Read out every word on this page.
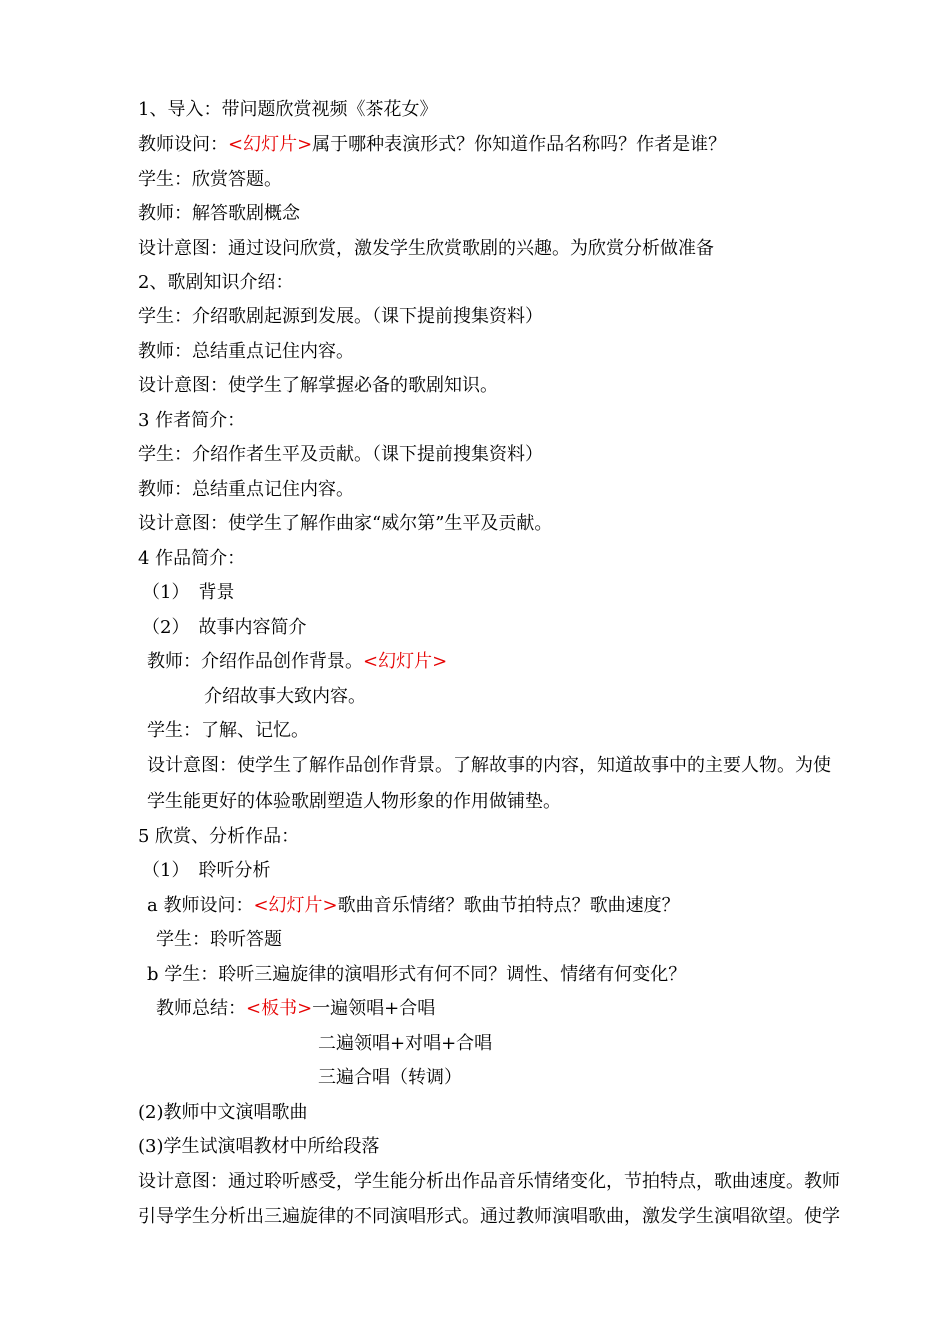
1、导入：带问题欣赏视频《茶花女》
教师设问：<幻灯片>属于哪种表演形式？你知道作品名称吗？作者是谁？
学生：欣赏答题。
教师：解答歌剧概念
设计意图：通过设问欣赏，激发学生欣赏歌剧的兴趣。为欣赏分析做准备
2、歌剧知识介绍：
学生：介绍歌剧起源到发展。（课下提前搜集资料）
教师：总结重点记住内容。
设计意图：使学生了解掌握必备的歌剧知识。
3 作者简介：
学生：介绍作者生平及贡献。（课下提前搜集资料）
教师：总结重点记住内容。
设计意图：使学生了解作曲家“威尔第”生平及贡献。
4 作品简介：
（1）　背景
（2）　故事内容简介
教师：介绍作品创作背景。<幻灯片>
介绍故事大致内容。
学生：了解、记忆。
设计意图：使学生了解作品创作背景。了解故事的内容，知道故事中的主要人物。为使
学生能更好的体验歌剧塑造人物形象的作用做铺垫。
5 欣赏、分析作品：
（1）　聆听分析
a 教师设问：<幻灯片>歌曲音乐情绪？歌曲节拍特点？歌曲速度？
学生：聆听答题
b 学生：聆听三遍旋律的演唱形式有何不同？调性、情绪有何变化？
教师总结：<板书>一遍领唱+合唱
二遍领唱+对唱+合唱
三遍合唱（转调）
(2)教师中文演唱歌曲
(3)学生试演唱教材中所给段落
设计意图：通过聆听感受，学生能分析出作品音乐情绪变化，节拍特点，歌曲速度。教师
引导学生分析出三遍旋律的不同演唱形式。通过教师演唱歌曲，激发学生演唱欲望。使学
